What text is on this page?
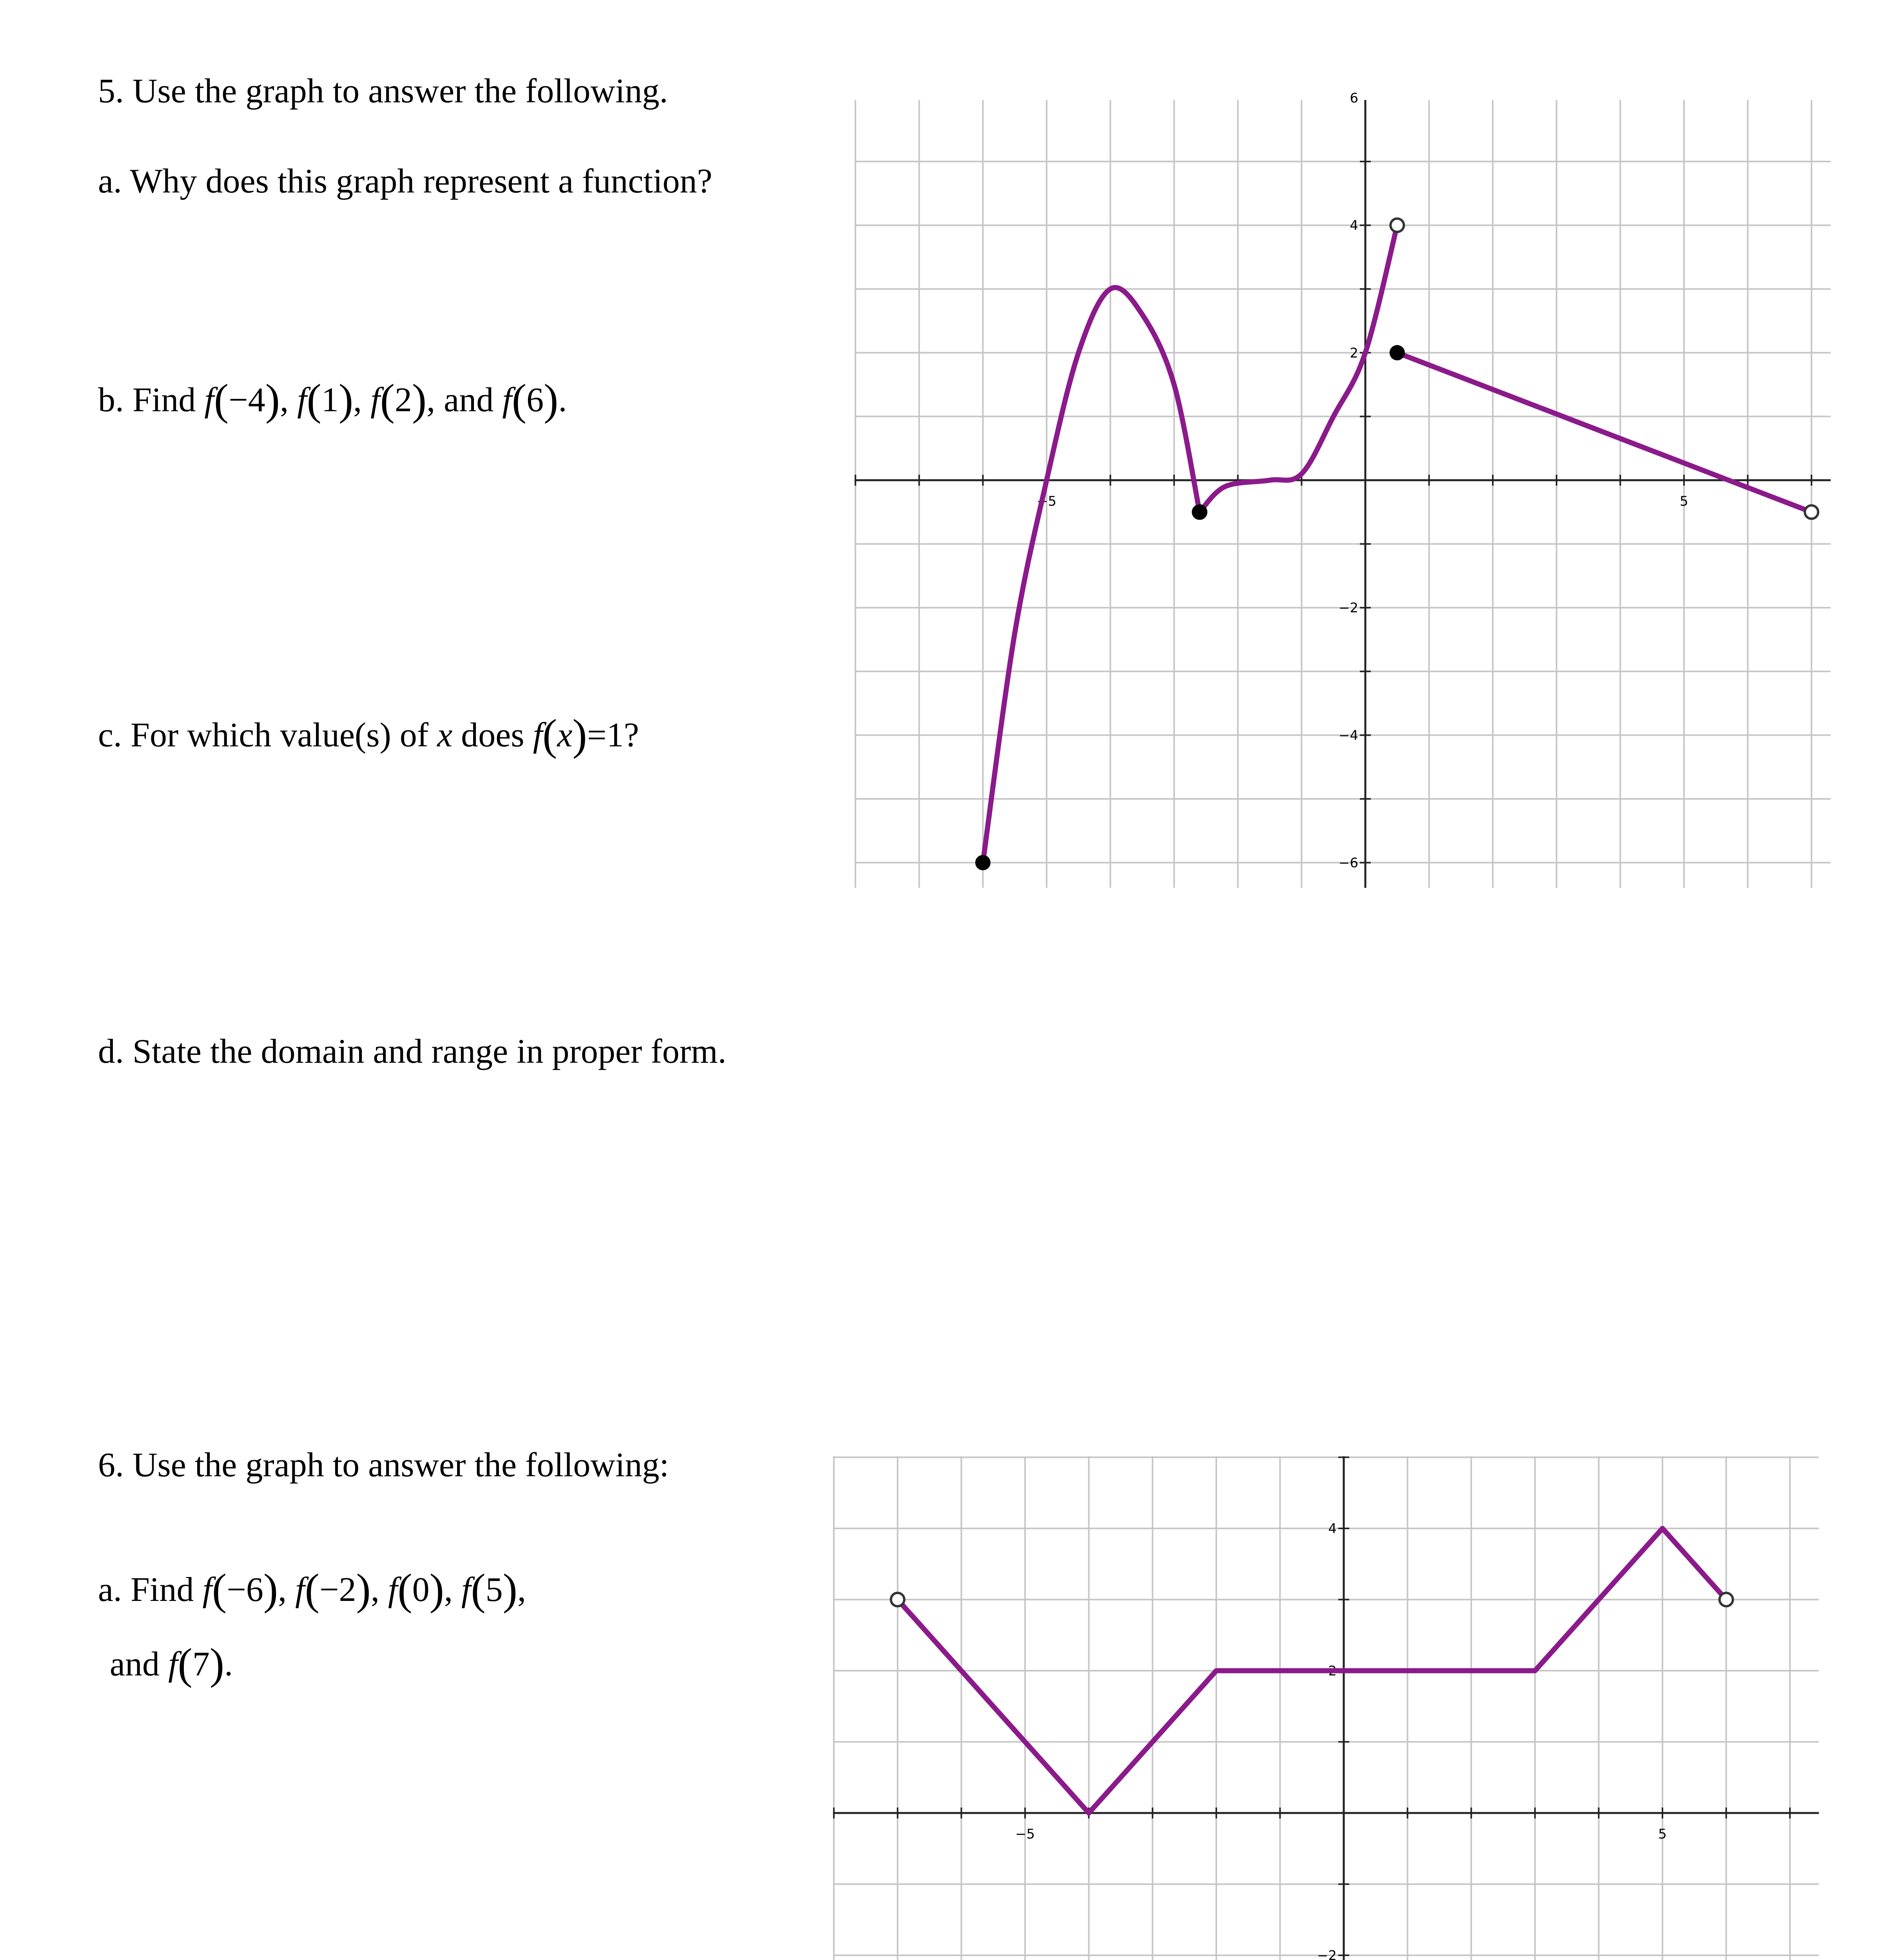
5. Use the graph to answer the following.
a. Why does this graph represent a function?
b. Find f(−4), f(1), f(2), and f(6).
c. For which value(s) of x does f(x)=1?
d. State the domain and range in proper form.
6. Use the graph to answer the following:
a. Find f(−6), f(−2), f(0), f(5),
and f(7).
−5	5
6
4
2
−2
−4
−6
−5	5
4
2
−2
